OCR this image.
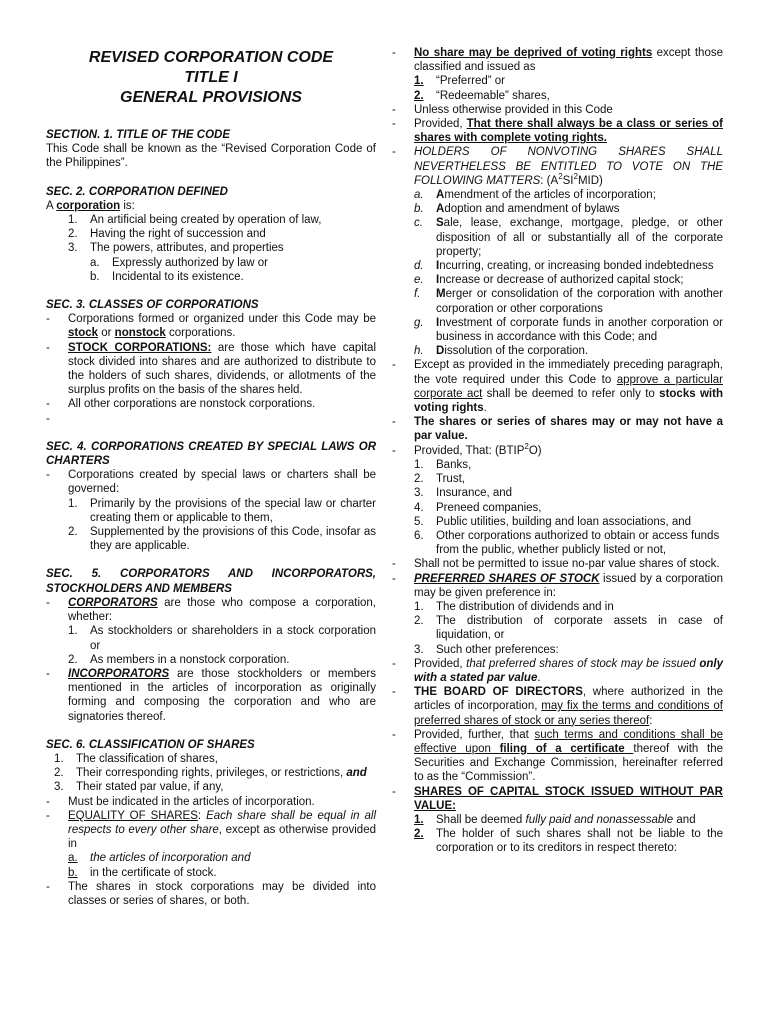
REVISED CORPORATION CODE
TITLE I
GENERAL PROVISIONS
SECTION. 1. TITLE OF THE CODE
This Code shall be known as the “Revised Corporation Code of the Philippines”.
SEC. 2. CORPORATION DEFINED
A corporation is:
1.	An artificial being created by operation of law,
2.	Having the right of succession and
3.	The powers, attributes, and properties
a.	Expressly authorized by law or
b.	Incidental to its existence.
SEC. 3. CLASSES OF CORPORATIONS
-	Corporations formed or organized under this Code may be stock or nonstock corporations.
-	STOCK CORPORATIONS: are those which have capital stock divided into shares and are authorized to distribute to the holders of such shares, dividends, or allotments of the surplus profits on the basis of the shares held.
-	All other corporations are nonstock corporations.
-
SEC. 4. CORPORATIONS CREATED BY SPECIAL LAWS OR CHARTERS
-	Corporations created by special laws or charters shall be governed:
1.	Primarily by the provisions of the special law or charter creating them or applicable to them,
2.	Supplemented by the provisions of this Code, insofar as they are applicable.
SEC. 5. CORPORATORS AND INCORPORATORS, STOCKHOLDERS AND MEMBERS
-	CORPORATORS are those who compose a corporation, whether:
1.	As stockholders or shareholders in a stock corporation or
2.	As members in a nonstock corporation.
-	INCORPORATORS are those stockholders or members mentioned in the articles of incorporation as originally forming and composing the corporation and who are signatories thereof.
SEC. 6. CLASSIFICATION OF SHARES
1.	The classification of shares,
2.	Their corresponding rights, privileges, or restrictions, and
3.	Their stated par value, if any,
-	Must be indicated in the articles of incorporation.
-	EQUALITY OF SHARES: Each share shall be equal in all respects to every other share, except as otherwise provided in
a. the articles of incorporation and
b. in the certificate of stock.
-	The shares in stock corporations may be divided into classes or series of shares, or both.
-	No share may be deprived of voting rights except those classified and issued as
1. “Preferred” or
2. “Redeemable” shares,
-	Unless otherwise provided in this Code
-	Provided, That there shall always be a class or series of shares with complete voting rights.
-	HOLDERS OF NONVOTING SHARES SHALL NEVERTHELESS BE ENTITLED TO VOTE ON THE FOLLOWING MATTERS: $(A^2SI^2MID)$
a.	Amendment of the articles of incorporation;
b.	Adoption and amendment of bylaws
c.	Sale, lease, exchange, mortgage, pledge, or other disposition of all or substantially all of the corporate property;
d.	Incurring, creating, or increasing bonded indebtedness
e.	Increase or decrease of authorized capital stock;
f.	Merger or consolidation of the corporation with another corporation or other corporations
g.	Investment of corporate funds in another corporation or business in accordance with this Code; and
h.	Dissolution of the corporation.
-	Except as provided in the immediately preceding paragraph, the vote required under this Code to approve a particular corporate act shall be deemed to refer only to stocks with voting rights.
-	The shares or series of shares may or may not have a par value.
-	Provided, That: (BTIP$^2$O)
1.	Banks,
2.	Trust,
3.	Insurance, and
4.	Preneed companies,
5.	Public utilities, building and loan associations, and
6.	Other corporations authorized to obtain or access funds from the public, whether publicly listed or not,
-	Shall not be permitted to issue no-par value shares of stock.
-	PREFERRED SHARES OF STOCK issued by a corporation may be given preference in:
1.	The distribution of dividends and in
2.	The distribution of corporate assets in case of liquidation, or
3.	Such other preferences:
-	Provided, that preferred shares of stock may be issued only with a stated par value.
-	THE BOARD OF DIRECTORS, where authorized in the articles of incorporation, may fix the terms and conditions of preferred shares of stock or any series thereof:
-	Provided, further, that such terms and conditions shall be effective upon filing of a certificate thereof with the Securities and Exchange Commission, hereinafter referred to as the “Commission”.
-	SHARES OF CAPITAL STOCK ISSUED WITHOUT PAR VALUE:
1. Shall be deemed fully paid and nonassessable and
2.	The holder of such shares shall not be liable to the corporation or to its creditors in respect thereto:
